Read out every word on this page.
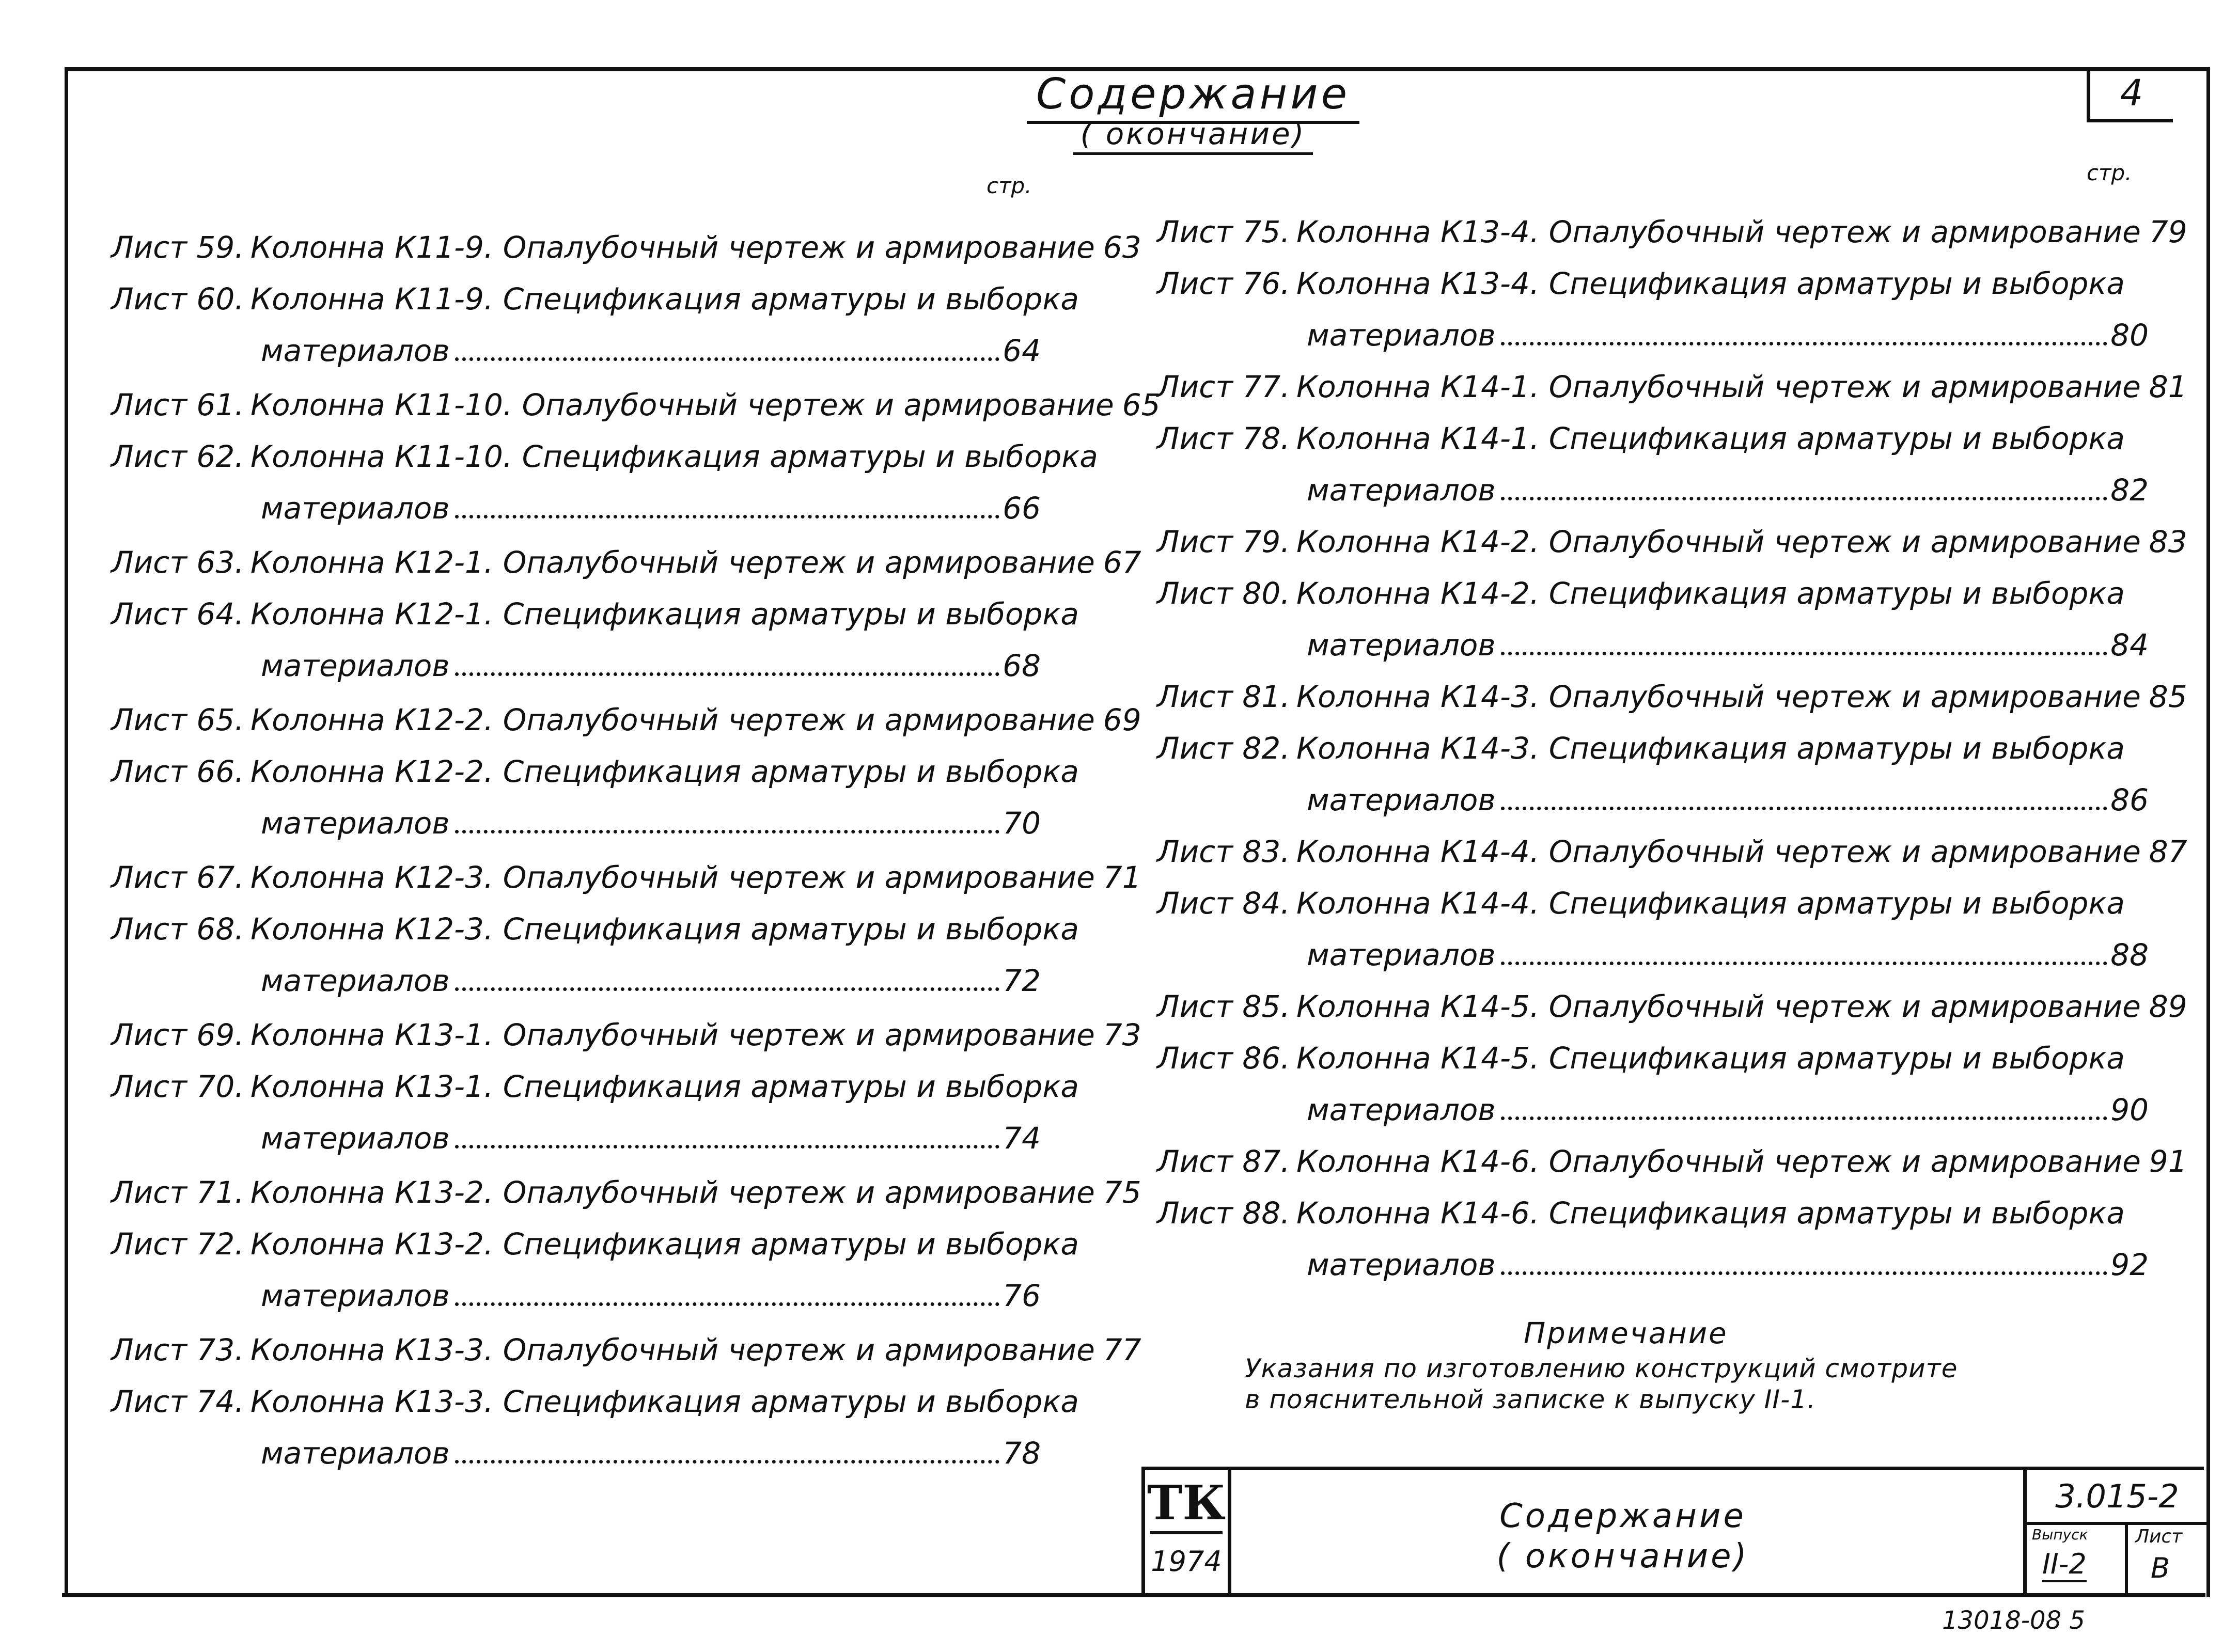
4
Содержание
( окончание)
стр.
стр.
Лист 59. Колонна К11-9. Опалубочный чертеж и армирование 63
Лист 60. Колонна К11-9. Спецификация арматуры и выборка
материалов	64
Лист 61. Колонна К11-10. Опалубочный чертеж и армирование 65
Лист 62. Колонна К11-10. Спецификация арматуры и выборка
материалов	66
Лист 63. Колонна К12-1. Опалубочный чертеж и армирование 67
Лист 64. Колонна К12-1. Спецификация арматуры и выборка
материалов	68
Лист 65. Колонна К12-2. Опалубочный чертеж и армирование 69
Лист 66. Колонна К12-2. Спецификация арматуры и выборка
материалов	70
Лист 67. Колонна К12-3. Опалубочный чертеж и армирование 71
Лист 68. Колонна К12-3. Спецификация арматуры и выборка
материалов	72
Лист 69. Колонна К13-1. Опалубочный чертеж и армирование 73
Лист 70. Колонна К13-1. Спецификация арматуры и выборка
материалов	74
Лист 71. Колонна К13-2. Опалубочный чертеж и армирование 75
Лист 72. Колонна К13-2. Спецификация арматуры и выборка
материалов	76
Лист 73. Колонна К13-3. Опалубочный чертеж и армирование 77
Лист 74. Колонна К13-3. Спецификация арматуры и выборка
материалов	78
Лист 75. Колонна К13-4. Опалубочный чертеж и армирование 79
Лист 76. Колонна К13-4. Спецификация арматуры и выборка
материалов	80
Лист 77. Колонна К14-1. Опалубочный чертеж и армирование 81
Лист 78. Колонна К14-1. Спецификация арматуры и выборка
материалов	82
Лист 79. Колонна К14-2. Опалубочный чертеж и армирование 83
Лист 80. Колонна К14-2. Спецификация арматуры и выборка
материалов	84
Лист 81. Колонна К14-3. Опалубочный чертеж и армирование 85
Лист 82. Колонна К14-3. Спецификация арматуры и выборка
материалов	86
Лист 83. Колонна К14-4. Опалубочный чертеж и армирование 87
Лист 84. Колонна К14-4. Спецификация арматуры и выборка
материалов	88
Лист 85. Колонна К14-5. Опалубочный чертеж и армирование 89
Лист 86. Колонна К14-5. Спецификация арматуры и выборка
материалов	90
Лист 87. Колонна К14-6. Опалубочный чертеж и армирование 91
Лист 88. Колонна К14-6. Спецификация арматуры и выборка
материалов	92
Примечание
Указания по изготовлению конструкций смотрите
в пояснительной записке к выпуску II-1.
ТК
1974
Содержание
( окончание)
3.015-2
Выпуск
II-2
Лист
В
13018-08 5
